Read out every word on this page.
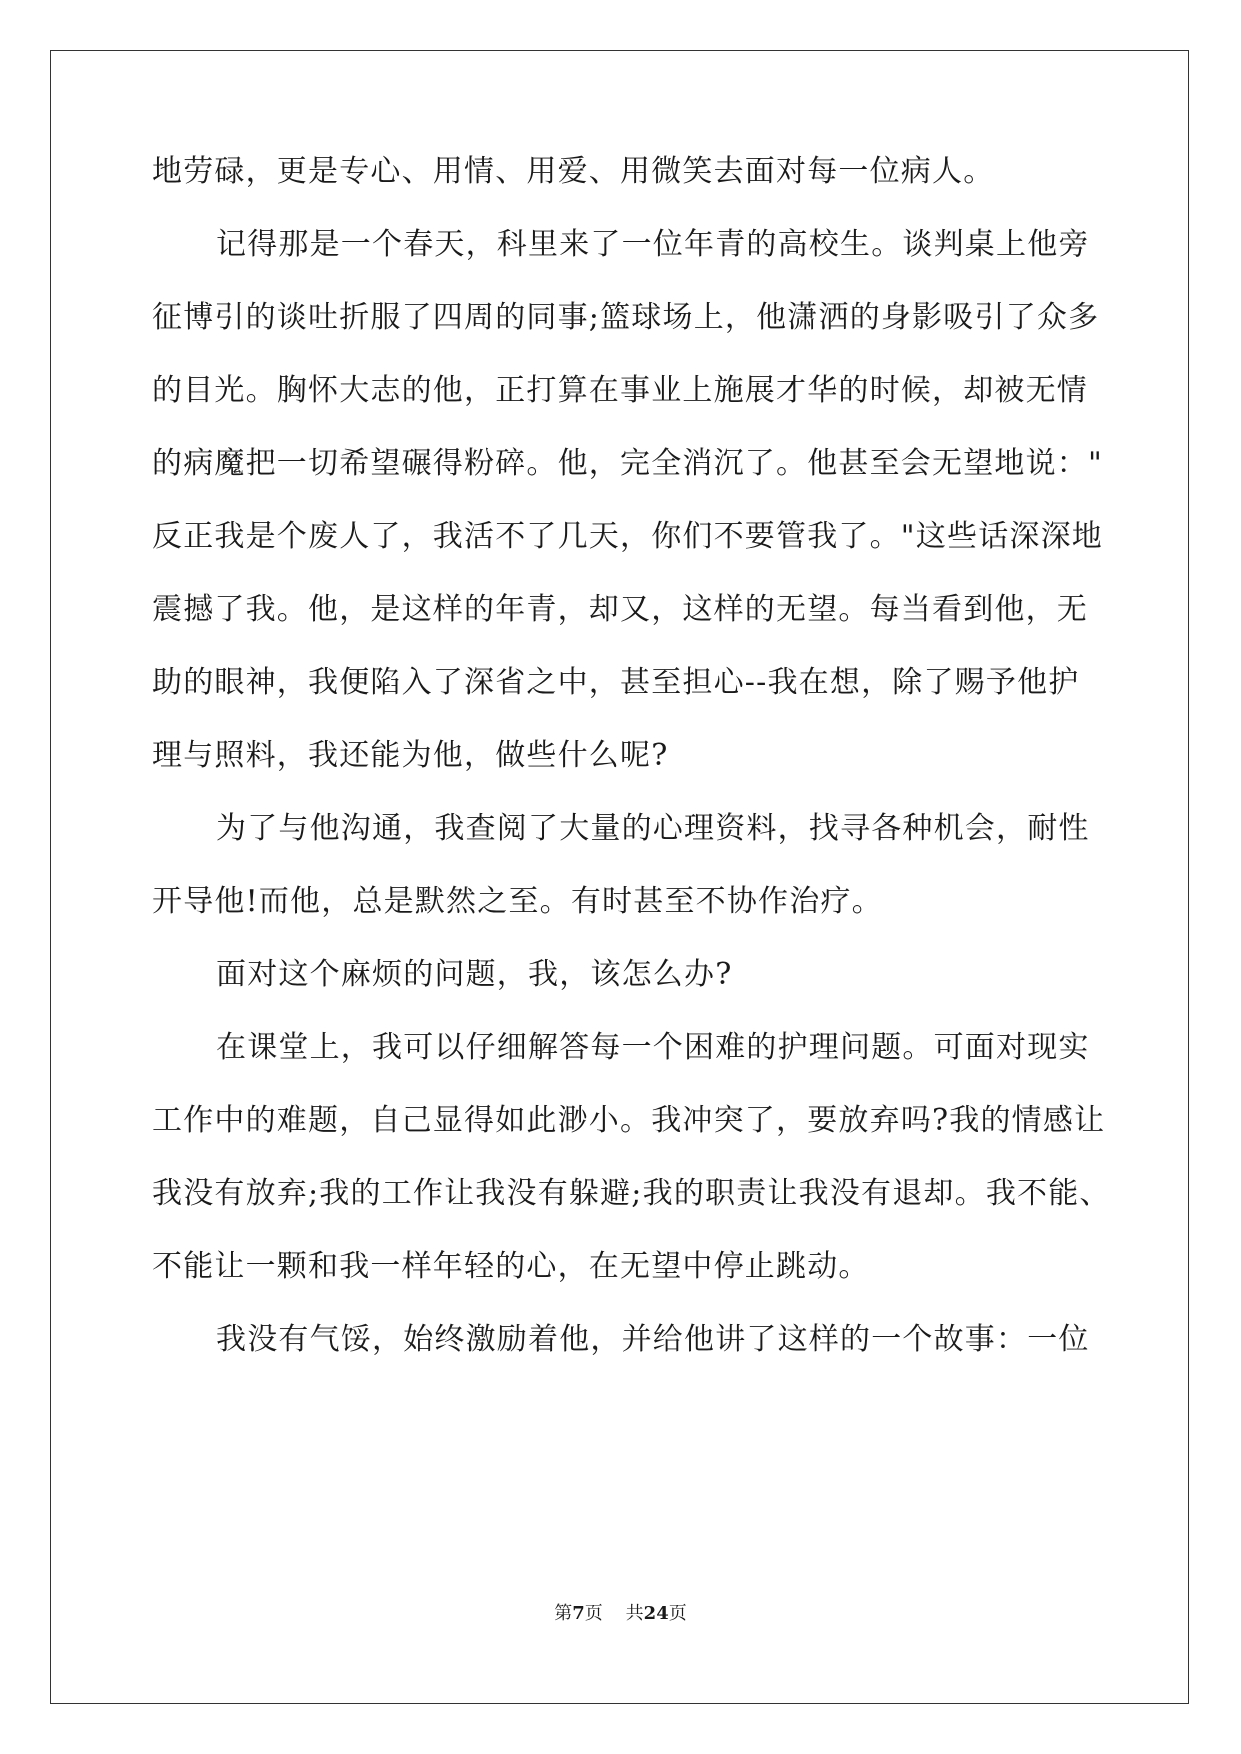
地劳碌，更是专心、用情、用爱、用微笑去面对每一位病人。
记得那是一个春天，科里来了一位年青的高校生。谈判桌上他旁
征博引的谈吐折服了四周的同事;篮球场上，他潇洒的身影吸引了众多
的目光。胸怀大志的他，正打算在事业上施展才华的时候，却被无情
的病魔把一切希望碾得粉碎。他，完全消沉了。他甚至会无望地说："
反正我是个废人了，我活不了几天，你们不要管我了。"这些话深深地
震撼了我。他，是这样的年青，却又，这样的无望。每当看到他，无
助的眼神，我便陷入了深省之中，甚至担心--我在想，除了赐予他护
理与照料，我还能为他，做些什么呢?
为了与他沟通，我查阅了大量的心理资料，找寻各种机会，耐性
开导他!而他，总是默然之至。有时甚至不协作治疗。
面对这个麻烦的问题，我，该怎么办?
在课堂上，我可以仔细解答每一个困难的护理问题。可面对现实
工作中的难题，自己显得如此渺小。我冲突了，要放弃吗?我的情感让
我没有放弃;我的工作让我没有躲避;我的职责让我没有退却。我不能、
不能让一颗和我一样年轻的心，在无望中停止跳动。
我没有气馁，始终激励着他，并给他讲了这样的一个故事：一位
第7页    共24页
